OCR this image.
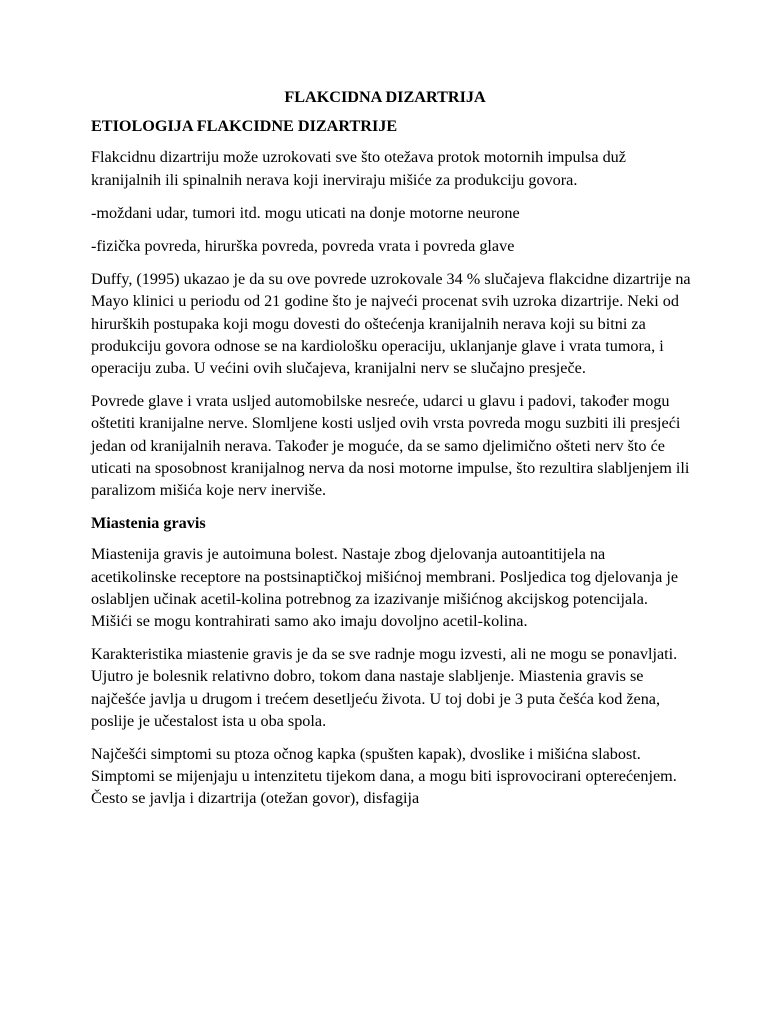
FLAKCIDNA DIZARTRIJA
ETIOLOGIJA FLAKCIDNE DIZARTRIJE

Flakcidnu dizartriju može uzrokovati sve što otežava protok motornih impulsa duž kranijalnih ili spinalnih nerava koji inerviraju mišiće za produkciju govora.

-moždani udar, tumori itd. mogu uticati na donje motorne neurone

-fizička povreda, hirurška povreda, povreda vrata i povreda glave

Duffy, (1995) ukazao je da su ove povrede uzrokovale 34 % slučajeva flakcidne dizartrije na Mayo klinici u periodu od 21 godine što je najveći procenat svih uzroka dizartrije. Neki od hirurških postupaka koji mogu dovesti do oštećenja kranijalnih nerava koji su bitni za produkciju govora odnose se na kardiološku operaciju, uklanjanje glave i vrata tumora, i operaciju zuba. U većini ovih slučajeva, kranijalni nerv se slučajno presječe.

Povrede glave i vrata usljed automobilske nesreće, udarci u glavu i padovi, također mogu oštetiti kranijalne nerve. Slomljene kosti usljed ovih vrsta povreda mogu suzbiti ili presjeći jedan od kranijalnih nerava. Također je moguće, da se samo djelimično ošteti nerv što će uticati na sposobnost kranijalnog nerva da nosi motorne impulse, što rezultira slabljenjem ili paralizom mišića koje nerv inerviše.

Miastenia gravis

Miastenija gravis je autoimuna bolest. Nastaje zbog djelovanja autoantitijela na acetikolinske receptore na postsinaptičkoj mišićnoj membrani. Posljedica tog djelovanja je oslabljen učinak acetil-kolina potrebnog za izazivanje mišićnog akcijskog potencijala. Mišići se mogu kontrahirati samo ako imaju dovoljno acetil-kolina.

Karakteristika miastenie gravis je da se sve radnje mogu izvesti, ali ne mogu se ponavljati. Ujutro je bolesnik relativno dobro, tokom dana nastaje slabljenje. Miastenia gravis se najčešće javlja u drugom i trećem desetljeću života. U toj dobi je 3 puta češća kod žena, poslije je učestalost ista u oba spola.

Najčešći simptomi su ptoza očnog kapka (spušten kapak), dvoslike i mišićna slabost. Simptomi se mijenjaju u intenzitetu tijekom dana, a mogu biti isprovocirani opterećenjem. Često se javlja i dizartrija (otežan govor), disfagija
